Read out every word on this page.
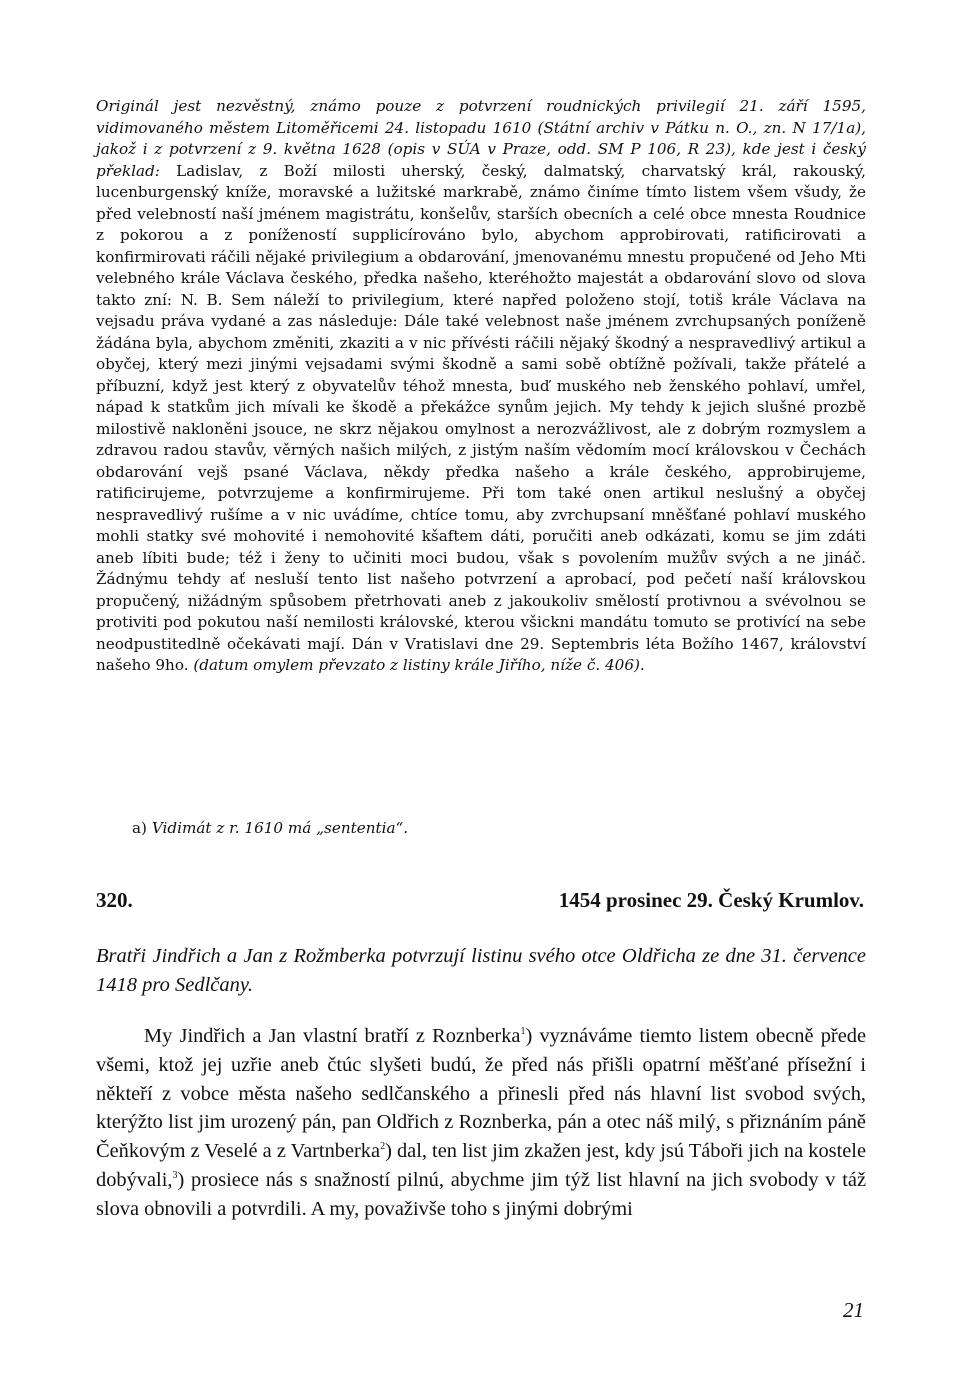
Originál jest nezvěstný, známo pouze z potvrzení roudnických privilegií 21. září 1595, vidimovaného městem Litoměřicemi 24. listopadu 1610 (Státní archiv v Pátku n. O., zn. N 17/1a), jakož i z potvrzení z 9. května 1628 (opis v SÚA v Praze, odd. SM P 106, R 23), kde jest i český překlad: Ladislav, z Boží milosti uherský, český, dalmatský, charvatský král, rakouský, lucenburgenský kníže, moravské a lužitské markrabě, známo činíme tímto listem všem všudy, že před velebností naší jménem magistrátu, konšelův, starších obecních a celé obce mnesta Roudnice z pokorou a z ponížeností supplicírováno bylo, abychom approbirovati, ratificirovati a konfirmirovati ráčili nějaké privilegium a obdarování, jmenovanému mnestu propučené od Jeho Mti velebného krále Václava českého, předka našeho, kteréhožto majestát a obdarování slovo od slova takto zní: N. B. Sem náleží to privilegium, které napřed položeno stojí, totiš krále Václava na vejsadu práva vydané a zas následuje: Dále také velebnost naše jménem zvrchupsaných poníženě žádána byla, abychom změniti, zkaziti a v nic přívésti ráčili nějaký škodný a nespravedlivý artikul a obyčej, který mezi jinými vejsadami svými škodně a sami sobě obtížně požívali, takže přátelé a příbuzní, když jest který z obyvatelův téhož mnesta, buď muského neb ženského pohlaví, umřel, nápad k statkům jich mívali ke škodě a překážce synům jejich. My tehdy k jejich slušné prozbě milostivě nakloněni jsouce, ne skrz nějakou omylnost a nerozvážlivost, ale z dobrým rozmyslem a zdravou radou stavův, věrných našich milých, z jistým naším vědomím mocí královskou v Čechách obdarování vejš psané Václava, někdy předka našeho a krále českého, approbirujeme, ratificirujeme, potvrzujeme a konfirmirujeme. Při tom také onen artikul neslušný a obyčej nespravedlivý rušíme a v nic uvádíme, chtíce tomu, aby zvrchupsaní mněšťané pohlaví muského mohli statky své mohovité i nemohovité kšaftem dáti, poručiti aneb odkázati, komu se jim zdáti aneb líbiti bude; též i ženy to učiniti moci budou, však s povolením mužův svých a ne jináč. Žádnýmu tehdy ať nesluší tento list našeho potvrzení a aprobací, pod pečetí naší královskou propučený, nižádným spůsobem přetrhovati aneb z jakoukoliv smělostí protivnou a svévolnou se protiviti pod pokutou naší nemilosti královské, kterou všickni mandátu tomuto se protivící na sebe neodpustitedlně očekávati mají. Dán v Vratislavi dne 29. Septembris léta Božího 1467, království našeho 9ho. (datum omylem převzato z listiny krále Jiřího, níže č. 406).

a) Vidimát z r. 1610 má „sententia“.
320.	1454 prosinec 29. Český Krumlov.
Bratři Jindřich a Jan z Rožmberka potvrzují listinu svého otce Oldřicha ze dne 31. července 1418 pro Sedlčany.

My Jindřich a Jan vlastní bratří z Roznberka$^1$) vyznáváme tiemto listem obecně přede všemi, ktož jej uzřie aneb čtúc slyšeti budú, že před nás přišli opatrní měšťané přísežní i někteří z vobce města našeho sedlčanského a přinesli před nás hlavní list svobod svých, kterýžto list jim urozený pán, pan Oldřich z Roznberka, pán a otec náš milý, s přiznáním páně Čeňkovým z Veselé a z Vartnberka$^2$) dal, ten list jim zkažen jest, kdy jsú Táboři jich na kostele dobývali,$^3$) prosiece nás s snažností pilnú, abychme jim týž list hlavní na jich svobody v táž slova obnovili a potvrdili. A my, považivše toho s jinými dobrými

21
